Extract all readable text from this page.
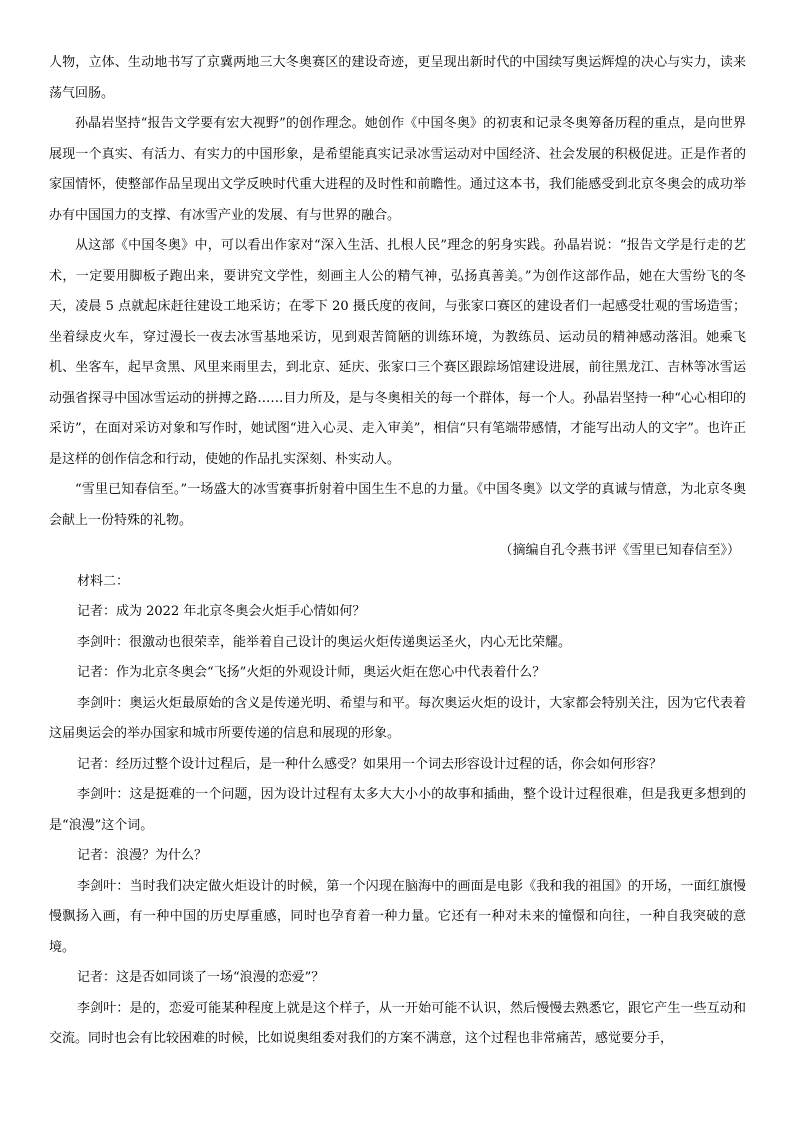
人物，立体、生动地书写了京冀两地三大冬奥赛区的建设奇迹，更呈现出新时代的中国续写奥运辉煌的决心与实力，读来荡气回肠。

孙晶岩坚持“报告文学要有宏大视野”的创作理念。她创作《中国冬奥》的初衷和记录冬奥筹备历程的重点，是向世界展现一个真实、有活力、有实力的中国形象，是希望能真实记录冰雪运动对中国经济、社会发展的积极促进。正是作者的家国情怀，使整部作品呈现出文学反映时代重大进程的及时性和前瞻性。通过这本书，我们能感受到北京冬奥会的成功举办有中国国力的支撑、有冰雪产业的发展、有与世界的融合。

从这部《中国冬奥》中，可以看出作家对“深入生活、扎根人民”理念的躬身实践。孙晶岩说：“报告文学是行走的艺术，一定要用脚板子跑出来，要讲究文学性，刻画主人公的精气神，弘扬真善美。”为创作这部作品，她在大雪纷飞的冬天，凌晨 5 点就起床赶往建设工地采访；在零下 20 摄氏度的夜间，与张家口赛区的建设者们一起感受壮观的雪场造雪；坐着绿皮火车，穿过漫长一夜去冰雪基地采访，见到艰苦简陋的训练环境，为教练员、运动员的精神感动落泪。她乘飞机、坐客车，起早贪黑、风里来雨里去，到北京、延庆、张家口三个赛区跟踪场馆建设进展，前往黑龙江、吉林等冰雪运动强省探寻中国冰雪运动的拼搏之路……目力所及，是与冬奥相关的每一个群体，每一个人。孙晶岩坚持一种“心心相印的采访”，在面对采访对象和写作时，她试图“进入心灵、走入审美”，相信“只有笔端带感情，才能写出动人的文字”。也许正是这样的创作信念和行动，使她的作品扎实深刻、朴实动人。

“雪里已知春信至。”一场盛大的冰雪赛事折射着中国生生不息的力量。《中国冬奥》以文学的真诚与情意，为北京冬奥会献上一份特殊的礼物。

（摘编自孔令燕书评《雪里已知春信至》）

材料二：

记者：成为 2022 年北京冬奥会火炬手心情如何？

李剑叶：很激动也很荣幸，能举着自己设计的奥运火炬传递奥运圣火，内心无比荣耀。

记者：作为北京冬奥会“飞扬”火炬的外观设计师，奥运火炬在您心中代表着什么？

李剑叶：奥运火炬最原始的含义是传递光明、希望与和平。每次奥运火炬的设计，大家都会特别关注，因为它代表着这届奥运会的举办国家和城市所要传递的信息和展现的形象。

记者：经历过整个设计过程后，是一种什么感受？如果用一个词去形容设计过程的话，你会如何形容？

李剑叶：这是挺难的一个问题，因为设计过程有太多大大小小的故事和插曲，整个设计过程很难，但是我更多想到的是“浪漫”这个词。

记者：浪漫？为什么？

李剑叶：当时我们决定做火炬设计的时候，第一个闪现在脑海中的画面是电影《我和我的祖国》的开场，一面红旗慢慢飘扬入画，有一种中国的历史厚重感，同时也孕育着一种力量。它还有一种对未来的憧憬和向往，一种自我突破的意境。

记者：这是否如同谈了一场“浪漫的恋爱”？

李剑叶：是的，恋爱可能某种程度上就是这个样子，从一开始可能不认识，然后慢慢去熟悉它，跟它产生一些互动和交流。同时也会有比较困难的时候，比如说奥组委对我们的方案不满意，这个过程也非常痛苦，感觉要分手，
